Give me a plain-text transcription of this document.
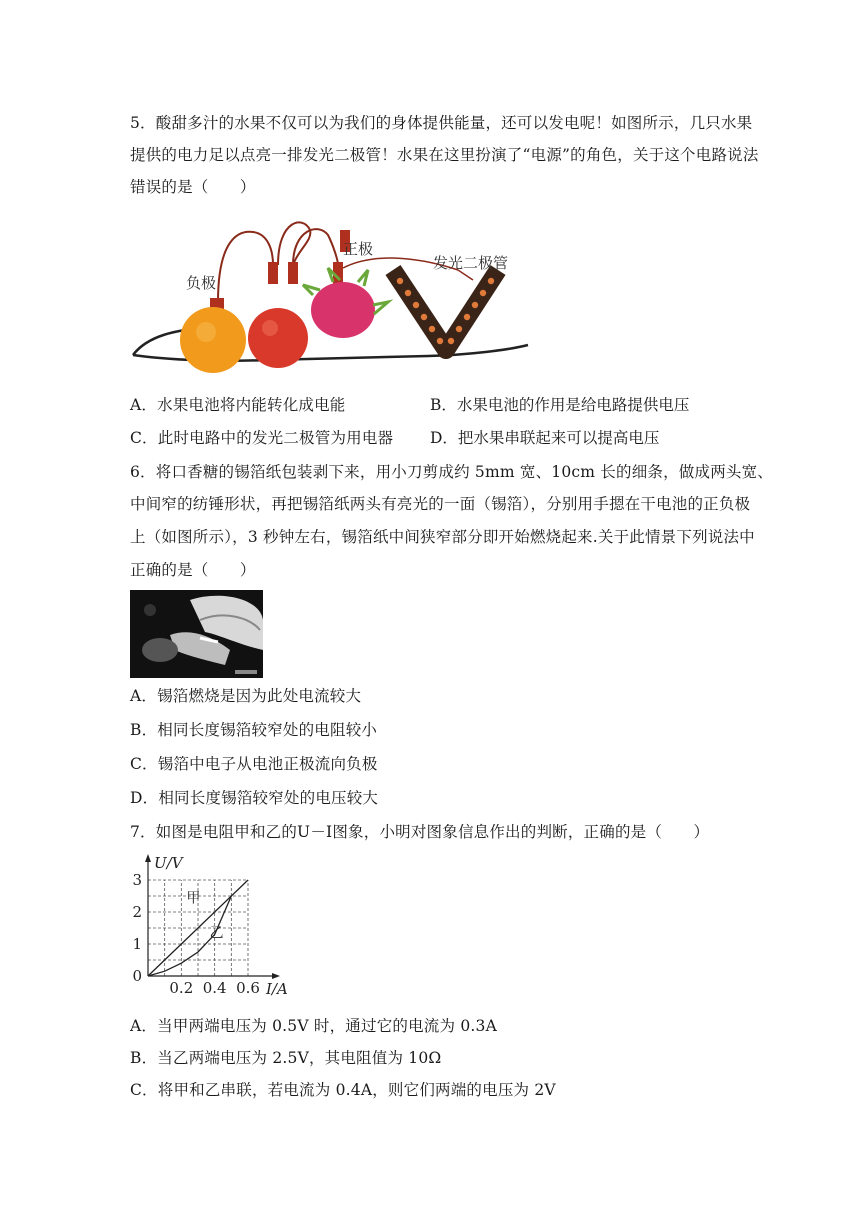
5．酸甜多汁的水果不仅可以为我们的身体提供能量，还可以发电呢！如图所示，几只水果
提供的电力足以点亮一排发光二极管！水果在这里扮演了“电源”的角色，关于这个电路说法
错误的是（　　）
负极
正极
发光二极管
A．水果电池将内能转化成电能	B．水果电池的作用是给电路提供电压
C．此时电路中的发光二极管为用电器 D．把水果串联起来可以提高电压
6．将口香糖的锡箔纸包装剥下来，用小刀剪成约 5mm 宽、10cm 长的细条，做成两头宽、
中间窄的纺锤形状，再把锡箔纸两头有亮光的一面（锡箔），分别用手摁在干电池的正负极
上（如图所示），3 秒钟左右，锡箔纸中间狭窄部分即开始燃烧起来.关于此情景下列说法中
正确的是（　　）
A．锡箔燃烧是因为此处电流较大
B．相同长度锡箔较窄处的电阻较小
C．锡箔中电子从电池正极流向负极
D．相同长度锡箔较窄处的电压较大
7．如图是电阻甲和乙的U－I图象，小明对图象信息作出的判断，正确的是（　　）
甲
乙
0
1
2
3
0.2 0.4 0.6
U/V
I/A
A．当甲两端电压为 0.5V 时，通过它的电流为 0.3A
B．当乙两端电压为 2.5V，其电阻值为 10Ω
C．将甲和乙串联，若电流为 0.4A，则它们两端的电压为 2V
